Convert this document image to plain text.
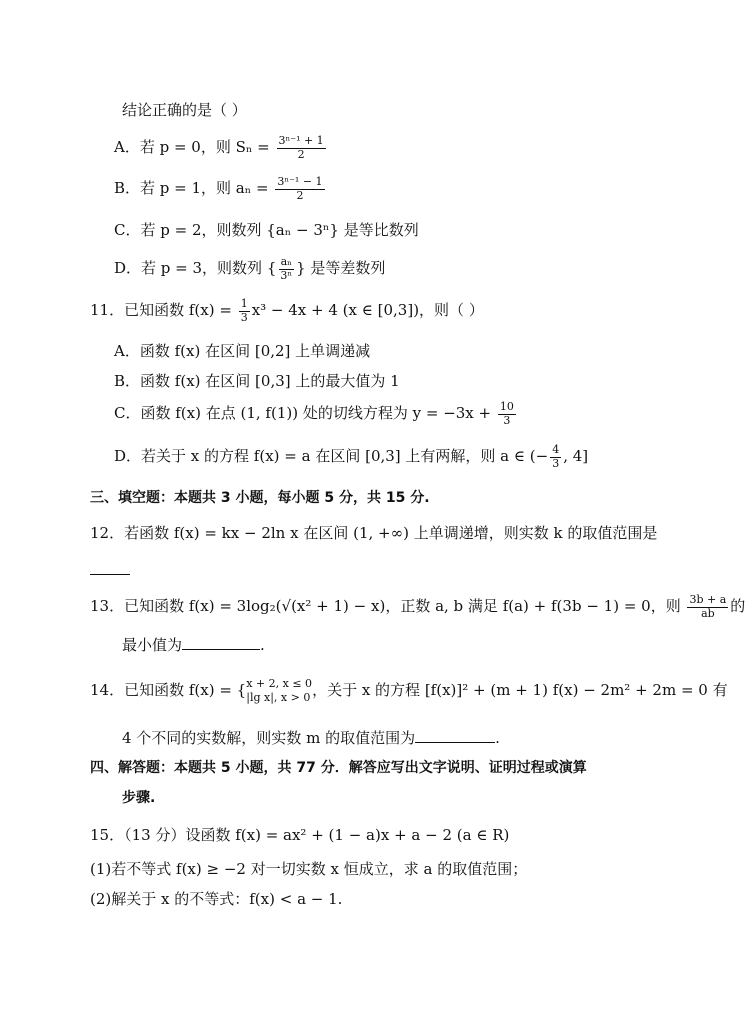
结论正确的是（ ）
A．若 p = 0，则 $S_n = \frac{\text{3ⁿ⁻¹ + 1}}{2}$
B．若 p = 1，则 $a_n = \frac{\text{3ⁿ⁻¹ − 1}}{2}$
C．若 p = 2，则数列 {aₙ − 3ⁿ} 是等比数列
D．若 p = 3，则数列 { $\frac{\text{aₙ}}{\text{3ⁿ}}$ } 是等差数列
11．已知函数 $f(x) = \frac{1}{3} x^3 - 4x + 4$ (x ∈ [0,3])，则（ ）
A．函数 f(x) 在区间 [0,2] 上单调递减
B．函数 f(x) 在区间 [0,3] 上的最大值为 1
C．函数 f(x) 在点 (1, f(1)) 处的切线方程为 $y = -3x + \frac{10}{3}$
D．若关于 x 的方程 f(x) = a 在区间 [0,3] 上有两解，则 a ∈ (− $\frac{4}{3}$ , 4]
三、填空题：本题共 3 小题，每小题 5 分，共 15 分.
12．若函数 f(x) = kx − 2ln x 在区间 (1, +∞) 上单调递增，则实数 k 的取值范围是
13．已知函数 f(x) = 3log₂(√(x² + 1) − x)，正数 a, b 满足 f(a) + f(3b − 1) = 0，则 $\frac{3b + a}{ab}$ 的
最小值为	.
14．已知函数 f(x) = { x + 2, x ≤ 0
|lg x|, x > 0 ，关于 x 的方程 [f(x)]² + (m + 1) f(x) − 2m² + 2m = 0 有
4 个不同的实数解，则实数 m 的取值范围为	.
四、解答题：本题共 5 小题，共 77 分．解答应写出文字说明、证明过程或演算
步骤.
15．（13 分）设函数 f(x) = ax² + (1 − a)x + a − 2 (a ∈ R)
(1)若不等式 f(x) ≥ −2 对一切实数 x 恒成立，求 a 的取值范围；
(2)解关于 x 的不等式：f(x) < a − 1.
